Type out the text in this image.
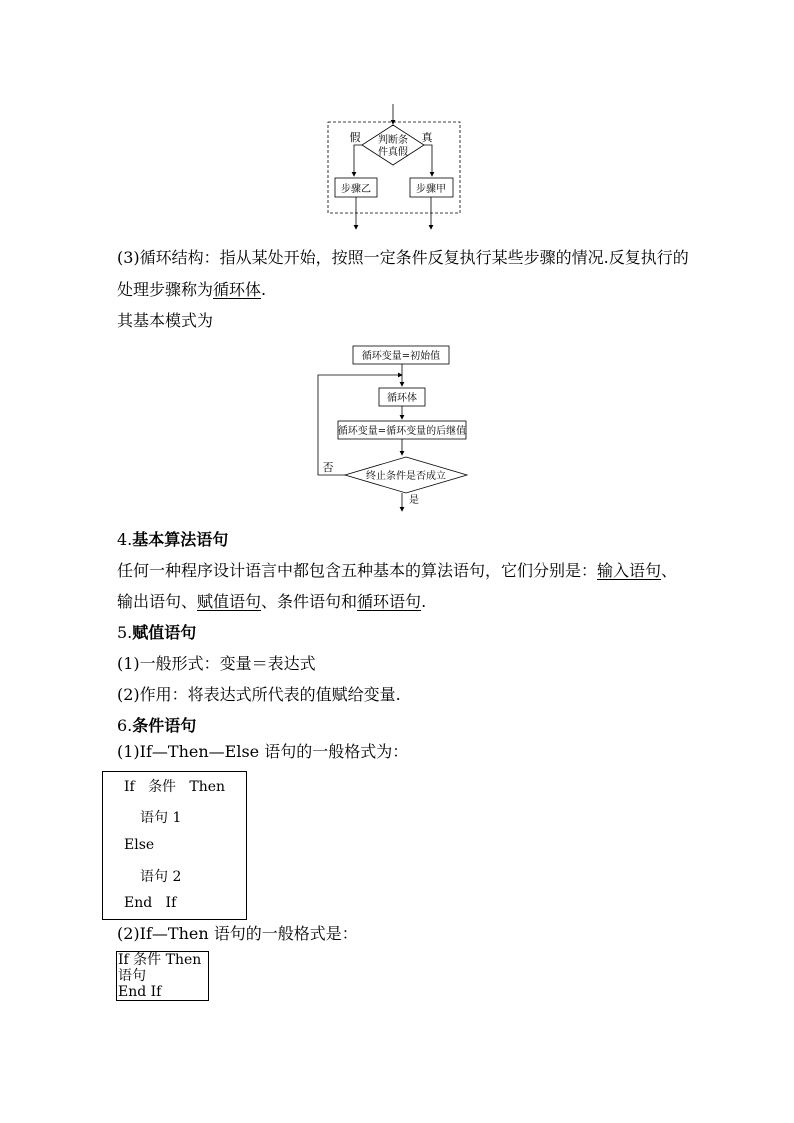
判断条
件真假
假	真
步骤乙	步骤甲
(3)循环结构：指从某处开始，按照一定条件反复执行某些步骤的情况.反复执行的
处理步骤称为循环体.
其基本模式为
循环变量=初始值
循环体
循环变量=循环变量的后继值
终止条件是否成立
否
是
4.基本算法语句
任何一种程序设计语言中都包含五种基本的算法语句，它们分别是：输入语句、
输出语句、赋值语句、条件语句和循环语句.
5.赋值语句
(1)一般形式：变量＝表达式
(2)作用：将表达式所代表的值赋给变量.
6.条件语句
(1)If—Then—Else 语句的一般格式为：
If   条件   Then
语句 1
Else
语句 2
End   If
(2)If—Then 语句的一般格式是：
If 条件 Then
语句
End If
